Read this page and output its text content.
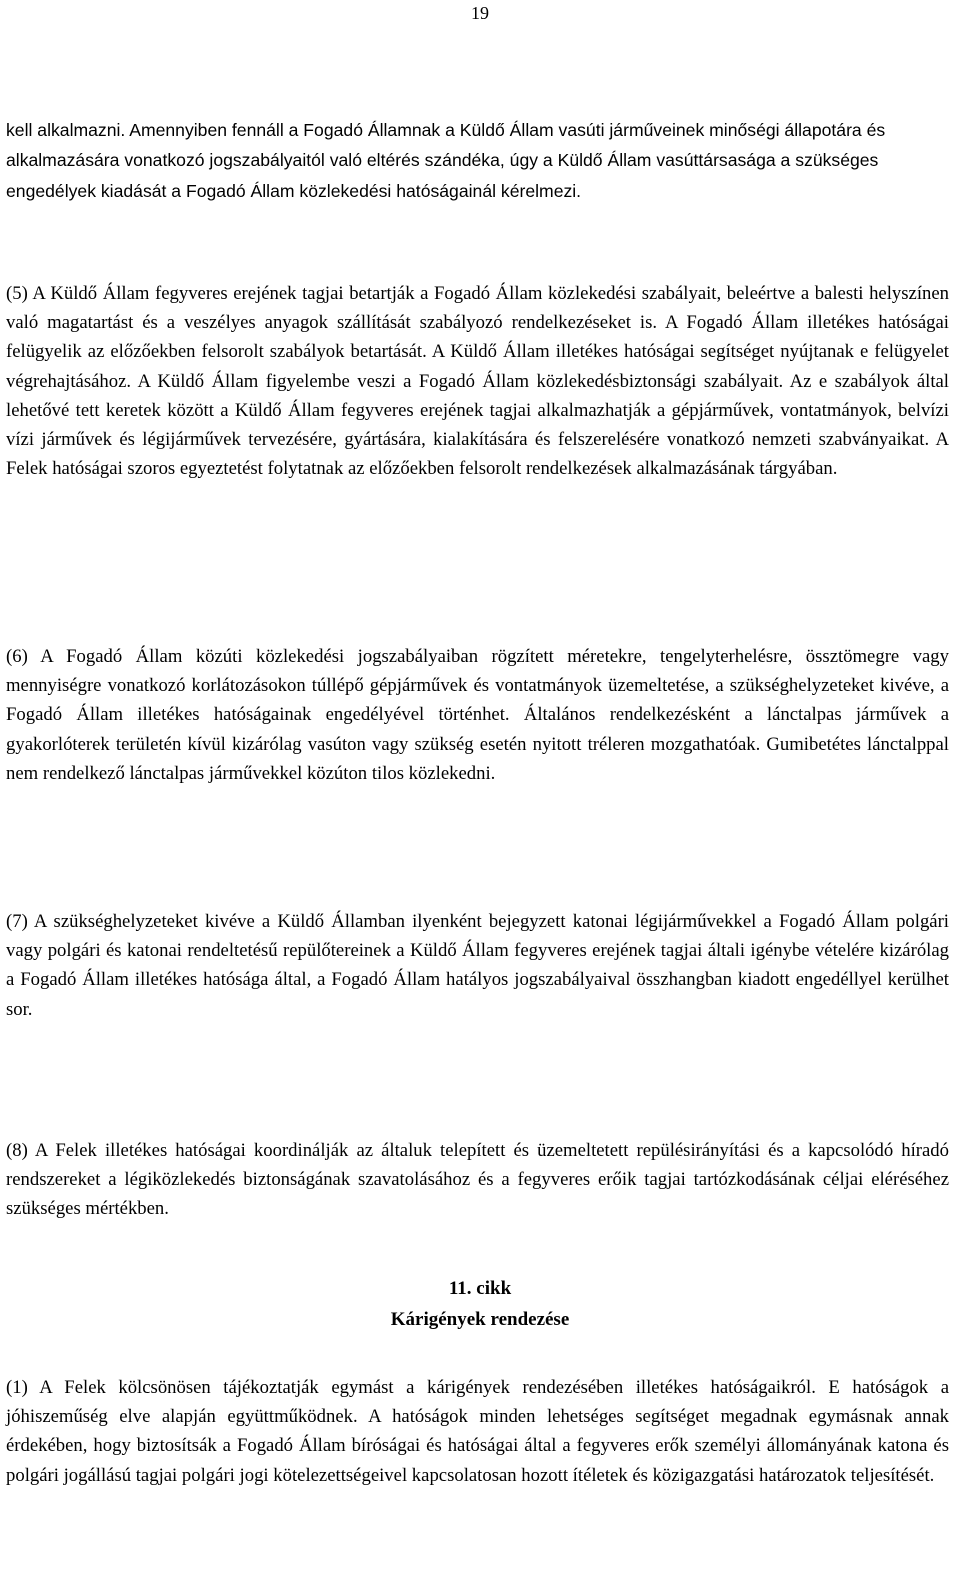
19

kell alkalmazni. Amennyiben fennáll a Fogadó Államnak a Küldő Állam vasúti járműveinek minőségi állapotára és alkalmazására vonatkozó jogszabályaitól való eltérés szándéka, úgy a Küldő Állam vasúttársasága a szükséges engedélyek kiadását a Fogadó Állam közlekedési hatóságainál kérelmezi.

(5) A Küldő Állam fegyveres erejének tagjai betartják a Fogadó Állam közlekedési szabályait, beleértve a balesti helyszínen való magatartást és a veszélyes anyagok szállítását szabályozó rendelkezéseket is. A Fogadó Állam illetékes hatóságai felügyelik az előzőekben felsorolt szabályok betartását. A Küldő Állam illetékes hatóságai segítséget nyújtanak e felügyelet végrehajtásához. A Küldő Állam figyelembe veszi a Fogadó Állam közlekedésbiztonsági szabályait. Az e szabályok által lehetővé tett keretek között a Küldő Állam fegyveres erejének tagjai alkalmazhatják a gépjárművek, vontatmányok, belvízi vízi járművek és légijárművek tervezésére, gyártására, kialakítására és felszerelésére vonatkozó nemzeti szabványaikat. A Felek hatóságai szoros egyeztetést folytatnak az előzőekben felsorolt rendelkezések alkalmazásának tárgyában.

(6) A Fogadó Állam közúti közlekedési jogszabályaiban rögzített méretekre, tengelyterhelésre, össztömegre vagy mennyiségre vonatkozó korlátozásokon túllépő gépjárművek és vontatmányok üzemeltetése, a szükséghelyzeteket kivéve, a Fogadó Állam illetékes hatóságainak engedélyével történhet. Általános rendelkezésként a lánctalpas járművek a gyakorlóterek területén kívül kizárólag vasúton vagy szükség esetén nyitott tréleren mozgathatóak. Gumibetétes lánctalppal nem rendelkező lánctalpas járművekkel közúton tilos közlekedni.

(7) A szükséghelyzeteket kivéve a Küldő Államban ilyenként bejegyzett katonai légijárművekkel a Fogadó Állam polgári vagy polgári és katonai rendeltetésű repülőtereinek a Küldő Állam fegyveres erejének tagjai általi igénybe vételére kizárólag a Fogadó Állam illetékes hatósága által, a Fogadó Állam hatályos jogszabályaival összhangban kiadott engedéllyel kerülhet sor.

(8) A Felek illetékes hatóságai koordinálják az általuk telepített és üzemeltetett repülésirányítási és a kapcsolódó híradó rendszereket a légiközlekedés biztonságának szavatolásához és a fegyveres erőik tagjai tartózkodásának céljai eléréséhez szükséges mértékben.

11. cikk
Kárigények rendezése

(1) A Felek kölcsönösen tájékoztatják egymást a kárigények rendezésében illetékes hatóságaikról. E hatóságok a jóhiszeműség elve alapján együttműködnek. A hatóságok minden lehetséges segítséget megadnak egymásnak annak érdekében, hogy biztosítsák a Fogadó Állam bíróságai és hatóságai által a fegyveres erők személyi állományának katona és polgári jogállású tagjai polgári jogi kötelezettségeivel kapcsolatosan hozott ítéletek és közigazgatási határozatok teljesítését.
